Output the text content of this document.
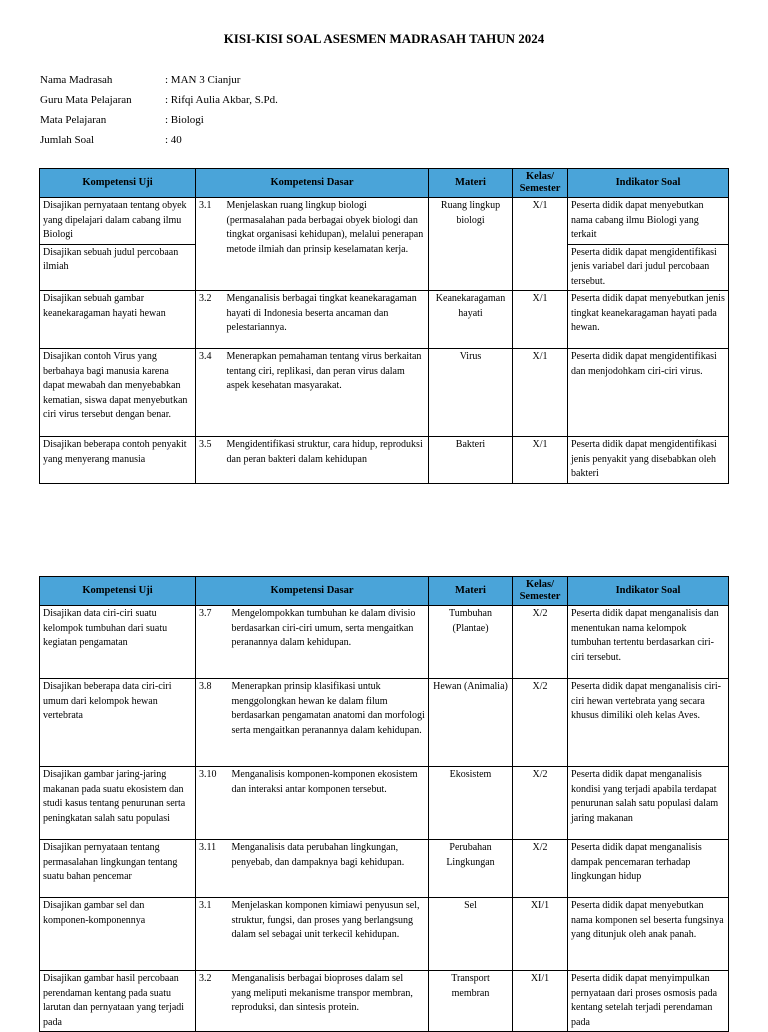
KISI-KISI SOAL ASESMEN MADRASAH TAHUN 2024
Nama Madrasah	: MAN 3 Cianjur
Guru Mata Pelajaran	: Rifqi Aulia Akbar, S.Pd.
Mata Pelajaran	: Biologi
Jumlah Soal	: 40
Kompetensi Uji	Kompetensi Dasar		Materi	Kelas/ Semester	Indikator Soal
Disajikan pernyataan tentang obyek yang dipelajari dalam cabang ilmu Biologi	3.1	Menjelaskan ruang lingkup biologi (permasalahan pada berbagai obyek biologi dan tingkat organisasi kehidupan), melalui penerapan metode ilmiah dan prinsip keselamatan kerja.	Ruang lingkup biologi	X/1	Peserta didik dapat menyebutkan nama cabang ilmu Biologi yang terkait
Disajikan sebuah judul percobaan ilmiah					Peserta didik dapat mengidentifikasi jenis variabel dari judul percobaan tersebut.
Disajikan sebuah gambar keanekaragaman hayati hewan	3.2	Menganalisis berbagai tingkat keanekaragaman hayati di Indonesia beserta ancaman dan pelestariannya.	Keanekaragaman hayati	X/1	Peserta didik dapat menyebutkan jenis tingkat keanekaragaman hayati pada hewan.
Disajikan contoh Virus yang berbahaya bagi manusia karena dapat mewabah dan menyebabkan kematian, siswa dapat menyebutkan ciri virus tersebut dengan benar.	3.4	Menerapkan pemahaman tentang virus berkaitan tentang ciri, replikasi, dan peran virus dalam aspek kesehatan masyarakat.	Virus	X/1	Peserta didik dapat mengidentifikasi dan menjodohkam ciri-ciri virus.
Disajikan beberapa contoh penyakit yang menyerang manusia	3.5	Mengidentifikasi struktur, cara hidup, reproduksi dan peran bakteri dalam kehidupan	Bakteri	X/1	Peserta didik dapat mengidentifikasi jenis penyakit yang disebabkan oleh bakteri
Kompetensi Uji	Kompetensi Dasar		Materi	Kelas/ Semester	Indikator Soal
Disajikan data ciri-ciri suatu kelompok tumbuhan dari suatu kegiatan pengamatan	3.7	Mengelompokkan tumbuhan ke dalam divisio berdasarkan ciri-ciri umum, serta mengaitkan peranannya dalam kehidupan.	Tumbuhan (Plantae)	X/2	Peserta didik dapat menganalisis dan menentukan nama kelompok tumbuhan tertentu berdasarkan ciri-ciri tersebut.
Disajikan beberapa data ciri-ciri umum dari kelompok hewan vertebrata	3.8	Menerapkan prinsip klasifikasi untuk menggolongkan hewan ke dalam filum berdasarkan pengamatan anatomi dan morfologi serta mengaitkan peranannya dalam kehidupan.	Hewan (Animalia)	X/2	Peserta didik dapat menganalisis ciri-ciri hewan vertebrata yang secara khusus dimiliki oleh kelas Aves.
Disajikan gambar jaring-jaring makanan pada suatu ekosistem dan studi kasus tentang penurunan serta peningkatan salah satu populasi	3.10	Menganalisis komponen-komponen ekosistem dan interaksi antar komponen tersebut.	Ekosistem	X/2	Peserta didik dapat menganalisis kondisi yang terjadi apabila terdapat penurunan salah satu populasi dalam jaring makanan
Disajikan pernyataan tentang permasalahan lingkungan tentang suatu bahan pencemar	3.11	Menganalisis data perubahan lingkungan, penyebab, dan dampaknya bagi kehidupan.	Perubahan Lingkungan	X/2	Peserta didik dapat menganalisis dampak pencemaran terhadap lingkungan hidup
Disajikan gambar sel dan komponen-komponennya	3.1	Menjelaskan komponen kimiawi penyusun sel, struktur, fungsi, dan proses yang berlangsung dalam sel sebagai unit terkecil kehidupan.	Sel	XI/1	Peserta didik dapat menyebutkan nama komponen sel beserta fungsinya yang ditunjuk oleh anak panah.
Disajikan gambar hasil percobaan perendaman kentang pada suatu larutan dan pernyataan yang terjadi pada	3.2	Menganalisis berbagai bioproses dalam sel yang meliputi mekanisme transpor membran, reproduksi, dan sintesis protein.	Transport membran	XI/1	Peserta didik dapat menyimpulkan pernyataan dari proses osmosis pada kentang setelah terjadi perendaman pada
